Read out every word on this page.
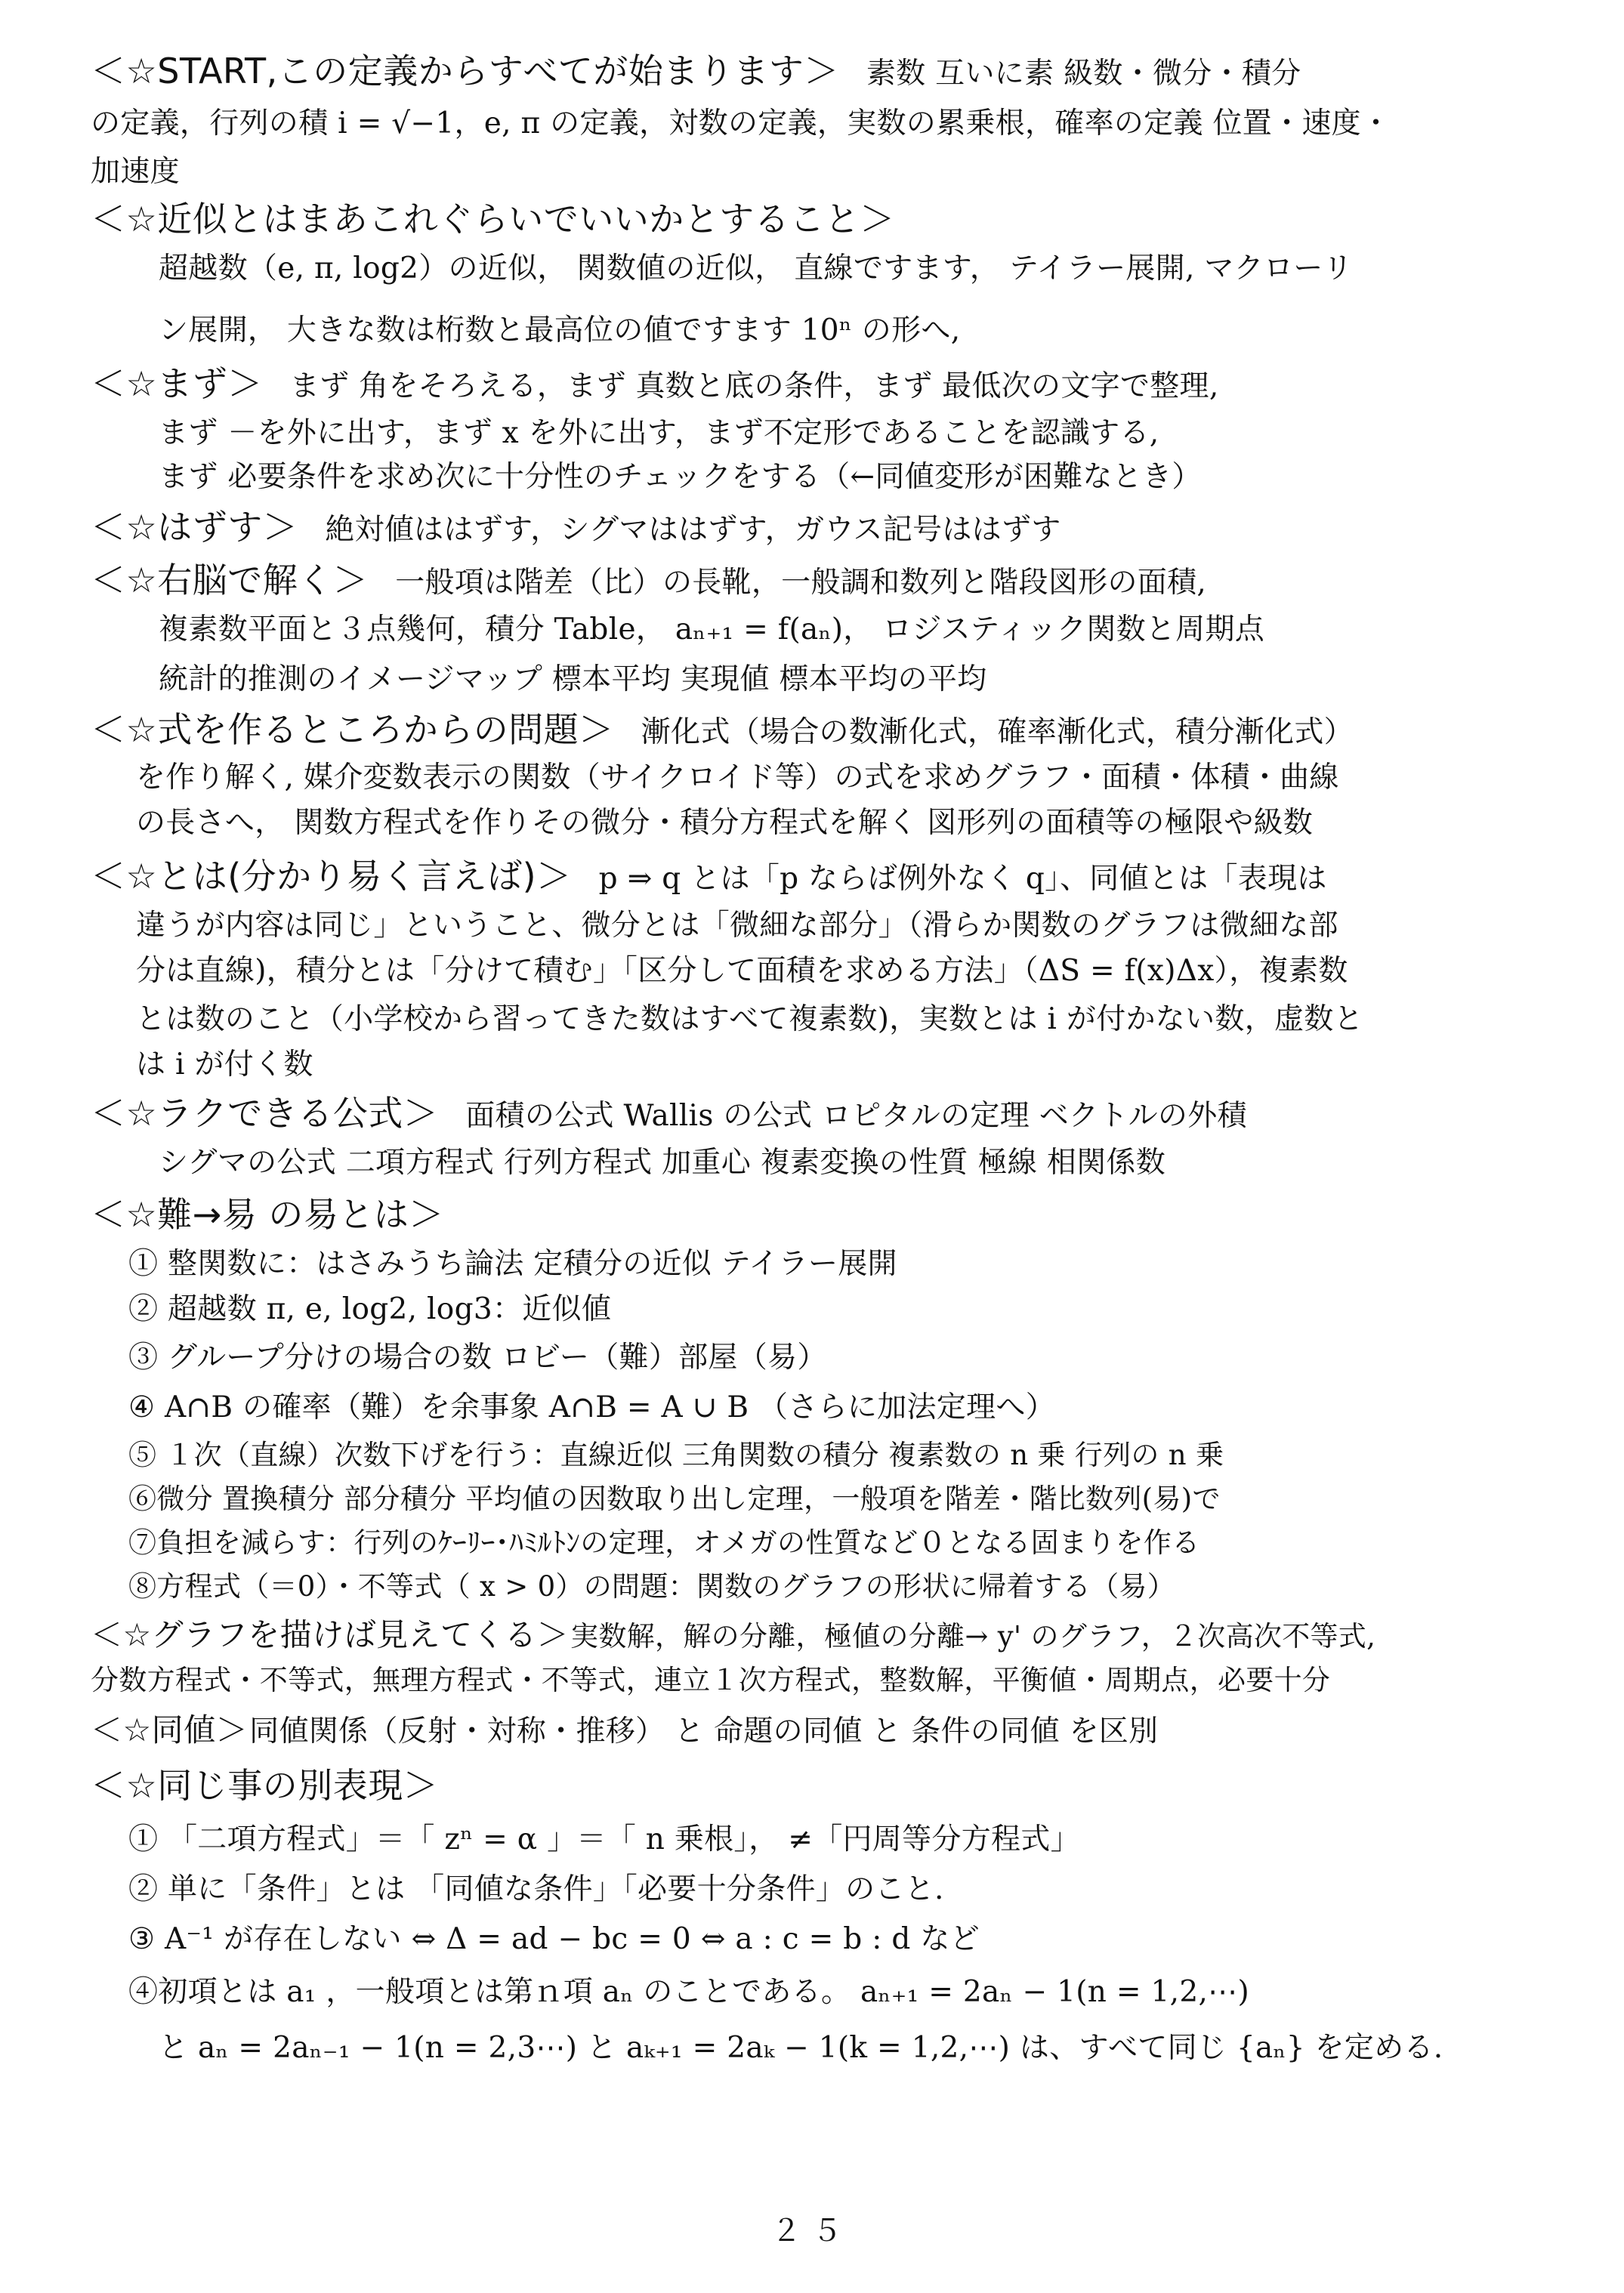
＜☆START,この定義からすべてが始まります＞ 素数 互いに素 級数・微分・積分
の定義，行列の積 i = √−1，e, π の定義，対数の定義，実数の累乗根，確率の定義 位置・速度・
加速度
＜☆近似とはまあこれぐらいでいいかとすること＞
超越数（e, π, log2）の近似， 関数値の近似， 直線ですます， テイラー展開, マクローリ
ン展開， 大きな数は桁数と最高位の値ですます 10ⁿ の形へ,
＜☆まず＞ まず 角をそろえる，まず 真数と底の条件，まず 最低次の文字で整理,
まず －を外に出す，まず x を外に出す，まず不定形であることを認識する,
まず 必要条件を求め次に十分性のチェックをする（←同値変形が困難なとき）
＜☆はずす＞ 絶対値ははずす，シグマははずす，ガウス記号ははずす
＜☆右脳で解く＞ 一般項は階差（比）の長靴，一般調和数列と階段図形の面積,
複素数平面と３点幾何，積分 Table， aₙ₊₁ = f(aₙ)， ロジスティック関数と周期点
統計的推測のイメージマップ 標本平均 実現値 標本平均の平均
＜☆式を作るところからの問題＞ 漸化式（場合の数漸化式，確率漸化式，積分漸化式）
を作り解く, 媒介変数表示の関数（サイクロイド等）の式を求めグラフ・面積・体積・曲線
の長さへ， 関数方程式を作りその微分・積分方程式を解く 図形列の面積等の極限や級数
＜☆とは(分かり易く言えば)＞ p ⇒ q とは「p ならば例外なく q」、同値とは「表現は
違うが内容は同じ」ということ、微分とは「微細な部分」（滑らか関数のグラフは微細な部
分は直線)，積分とは「分けて積む」「区分して面積を求める方法」（ΔS = f(x)Δx），複素数
とは数のこと（小学校から習ってきた数はすべて複素数)，実数とは i が付かない数，虚数と
は i が付く数
＜☆ラクできる公式＞ 面積の公式 Wallis の公式 ロピタルの定理 ベクトルの外積
シグマの公式 二項方程式 行列方程式 加重心 複素変換の性質 極線 相関係数
＜☆難→易 の易とは＞
① 整関数に：はさみうち論法 定積分の近似 テイラー展開
② 超越数 π, e, log2, log3：近似値
③ グループ分けの場合の数 ロビー（難）部屋（易）
④ A∩B の確率（難）を余事象 A∩B = A ∪ B （さらに加法定理へ）
⑤ １次（直線）次数下げを行う：直線近似 三角関数の積分 複素数の n 乗 行列の n 乗
⑥微分 置換積分 部分積分 平均値の因数取り出し定理，一般項を階差・階比数列(易)で
⑦負担を減らす：行列のｹｰﾘｰ･ﾊﾐﾙﾄﾝの定理，オメガの性質など０となる固まりを作る
⑧方程式（＝0）・不等式（ x > 0）の問題：関数のグラフの形状に帰着する（易）
＜☆グラフを描けば見えてくる＞ 実数解，解の分離，極値の分離→ y' のグラフ，２次高次不等式,
分数方程式・不等式，無理方程式・不等式，連立１次方程式，整数解，平衡値・周期点，必要十分
＜☆同値＞ 同値関係（反射・対称・推移） と 命題の同値 と 条件の同値 を区別
＜☆同じ事の別表現＞
① 「二項方程式」＝「 zⁿ = α 」＝「 n 乗根」， ≠「円周等分方程式」
② 単に「条件」とは 「同値な条件」「必要十分条件」のこと.
③ A⁻¹ が存在しない ⇔ Δ = ad − bc = 0 ⇔ a : c = b : d など
④初項とは a₁ ，一般項とは第ｎ項 aₙ のことである。 aₙ₊₁ = 2aₙ − 1(n = 1,2,⋯)
と aₙ = 2aₙ₋₁ − 1(n = 2,3⋯) と aₖ₊₁ = 2aₖ − 1(k = 1,2,⋯) は、すべて同じ {aₙ} を定める.
２５
